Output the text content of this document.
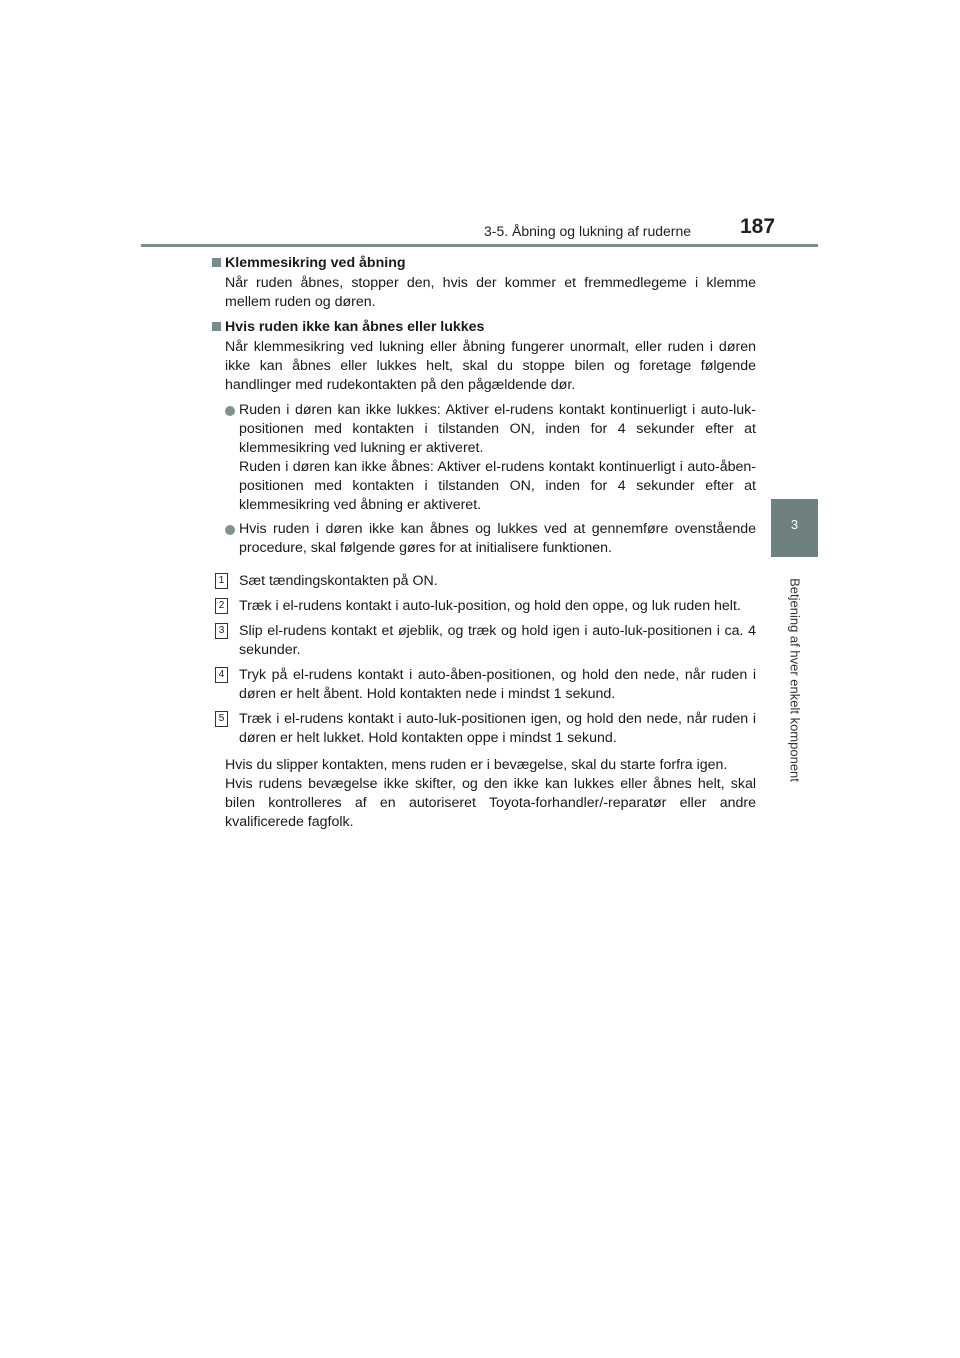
3-5. Åbning og lukning af ruderne 187
3
Betjening af hver enkelt komponent
Klemmesikring ved åbning

Når ruden åbnes, stopper den, hvis der kommer et fremmedlegeme i klemme mellem ruden og døren.

Hvis ruden ikke kan åbnes eller lukkes

Når klemmesikring ved lukning eller åbning fungerer unormalt, eller ruden i døren ikke kan åbnes eller lukkes helt, skal du stoppe bilen og foretage følgende handlinger med rudekontakten på den pågældende dør.

Ruden i døren kan ikke lukkes: Aktiver el-rudens kontakt kontinuerligt i auto-luk-positionen med kontakten i tilstanden ON, inden for 4 sekunder efter at klemmesikring ved lukning er aktiveret.

Ruden i døren kan ikke åbnes: Aktiver el-rudens kontakt kontinuerligt i auto-åben-positionen med kontakten i tilstanden ON, inden for 4 sekunder efter at klemmesikring ved åbning er aktiveret.

Hvis ruden i døren ikke kan åbnes og lukkes ved at gennemføre ovenstående procedure, skal følgende gøres for at initialisere funktionen.

1 Sæt tændingskontakten på ON.
2 Træk i el-rudens kontakt i auto-luk-position, og hold den oppe, og luk ruden helt.
3 Slip el-rudens kontakt et øjeblik, og træk og hold igen i auto-luk-positionen i ca. 4 sekunder.
4 Tryk på el-rudens kontakt i auto-åben-positionen, og hold den nede, når ruden i døren er helt åbent. Hold kontakten nede i mindst 1 sekund.
5 Træk i el-rudens kontakt i auto-luk-positionen igen, og hold den nede, når ruden i døren er helt lukket. Hold kontakten oppe i mindst 1 sekund.

Hvis du slipper kontakten, mens ruden er i bevægelse, skal du starte forfra igen.

Hvis rudens bevægelse ikke skifter, og den ikke kan lukkes eller åbnes helt, skal bilen kontrolleres af en autoriseret Toyota-forhandler/-reparatør eller andre kvalificerede fagfolk.
